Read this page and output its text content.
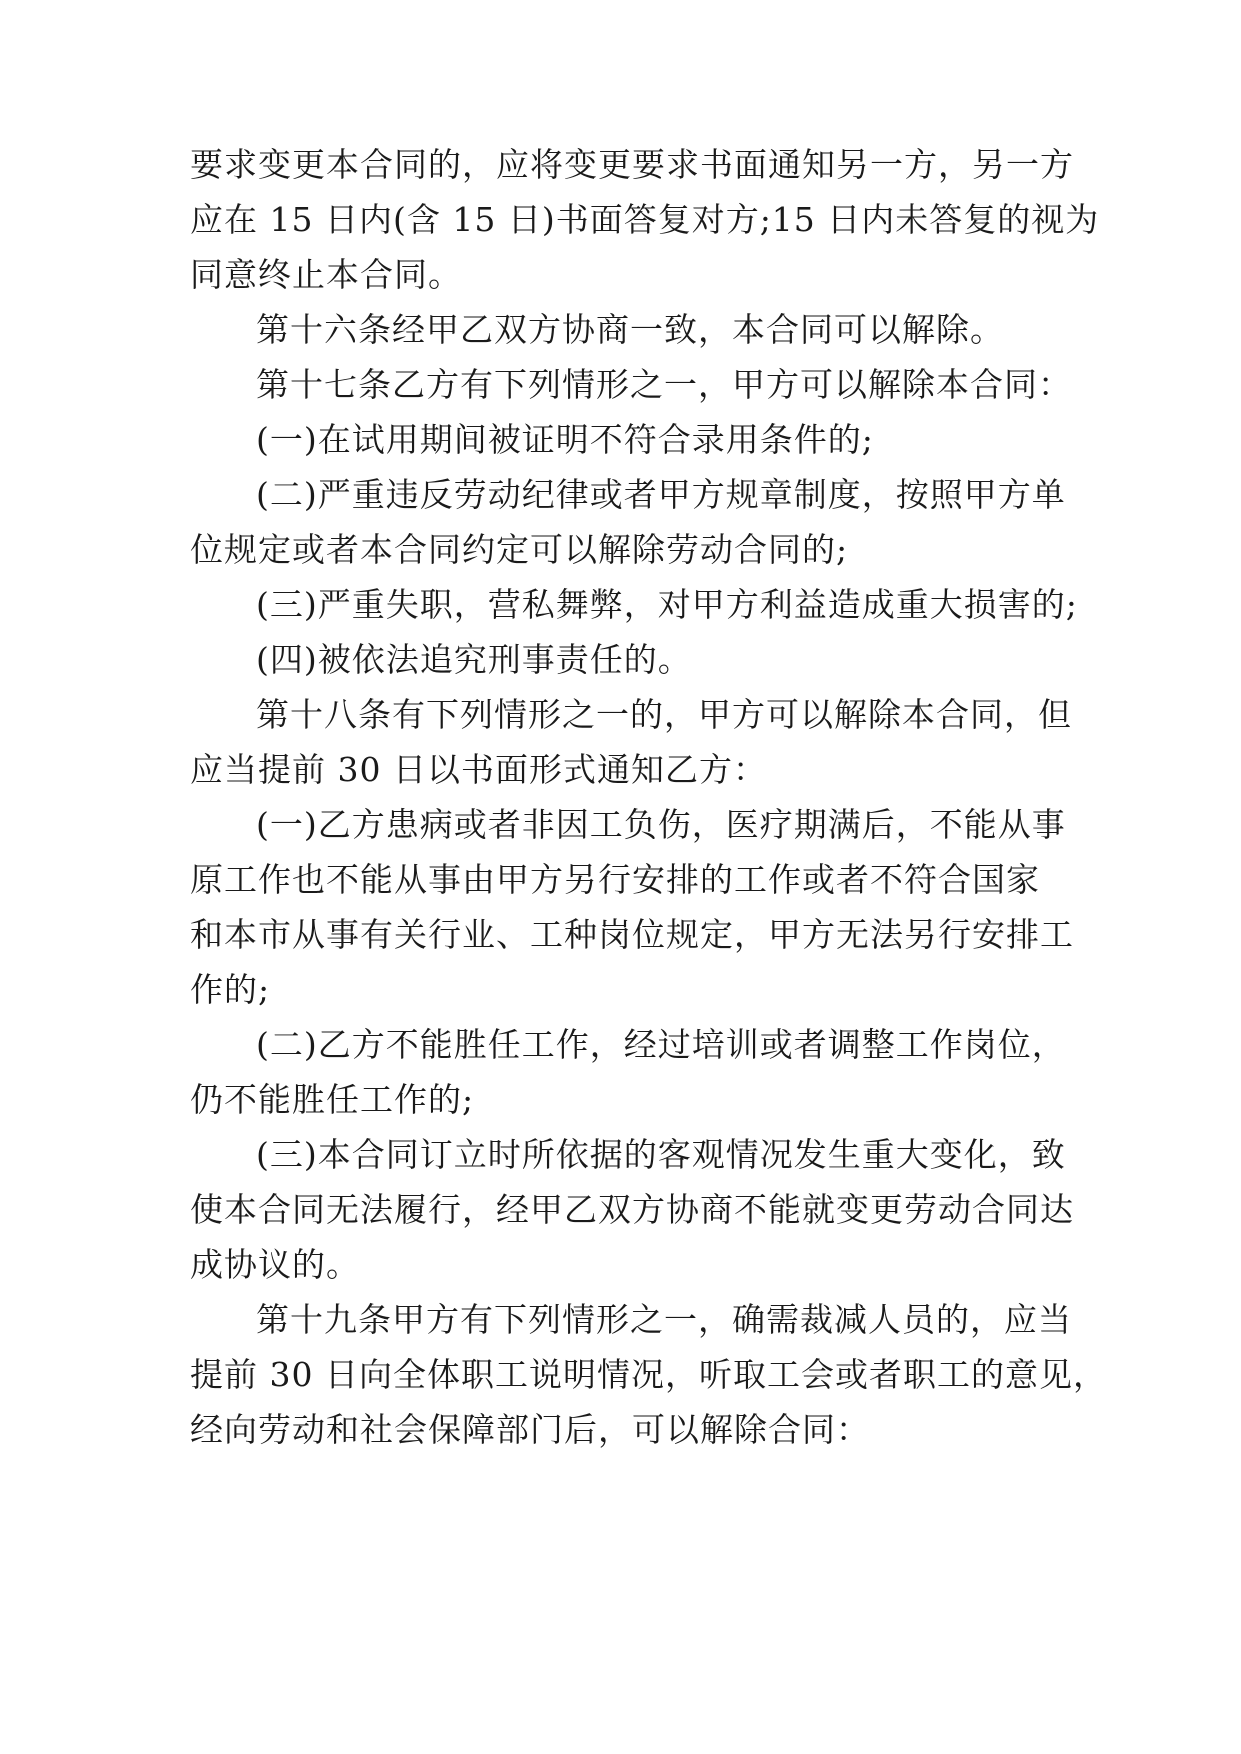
要求变更本合同的，应将变更要求书面通知另一方，另一方
应在 15 日内(含 15 日)书面答复对方;15 日内未答复的视为
同意终止本合同。
第十六条经甲乙双方协商一致，本合同可以解除。
第十七条乙方有下列情形之一，甲方可以解除本合同：
(一)在试用期间被证明不符合录用条件的;
(二)严重违反劳动纪律或者甲方规章制度，按照甲方单
位规定或者本合同约定可以解除劳动合同的;
(三)严重失职，营私舞弊，对甲方利益造成重大损害的;
(四)被依法追究刑事责任的。
第十八条有下列情形之一的，甲方可以解除本合同，但
应当提前 30 日以书面形式通知乙方：
(一)乙方患病或者非因工负伤，医疗期满后，不能从事
原工作也不能从事由甲方另行安排的工作或者不符合国家
和本市从事有关行业、工种岗位规定，甲方无法另行安排工
作的;
(二)乙方不能胜任工作，经过培训或者调整工作岗位，
仍不能胜任工作的;
(三)本合同订立时所依据的客观情况发生重大变化，致
使本合同无法履行，经甲乙双方协商不能就变更劳动合同达
成协议的。
第十九条甲方有下列情形之一，确需裁减人员的，应当
提前 30 日向全体职工说明情况，听取工会或者职工的意见，
经向劳动和社会保障部门后，可以解除合同：
